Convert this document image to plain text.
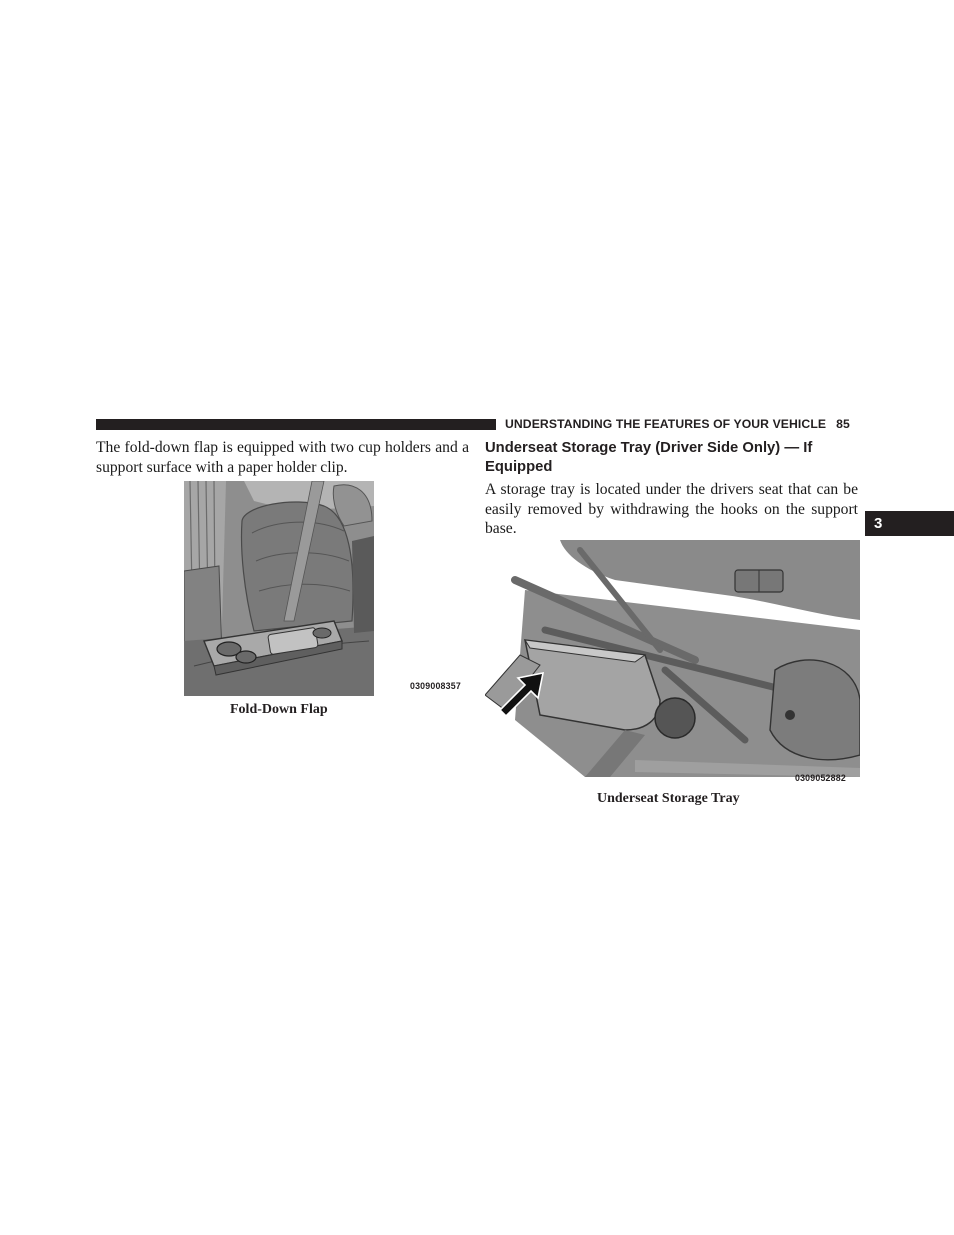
UNDERSTANDING THE FEATURES OF YOUR VEHICLE 85
3

The fold-down flap is equipped with two cup holders and a support surface with a paper holder clip.

0309008357
Fold-Down Flap
Underseat Storage Tray (Driver Side Only) — If Equipped

A storage tray is located under the drivers seat that can be easily removed by withdrawing the hooks on the support base.

0309052882
Underseat Storage Tray
